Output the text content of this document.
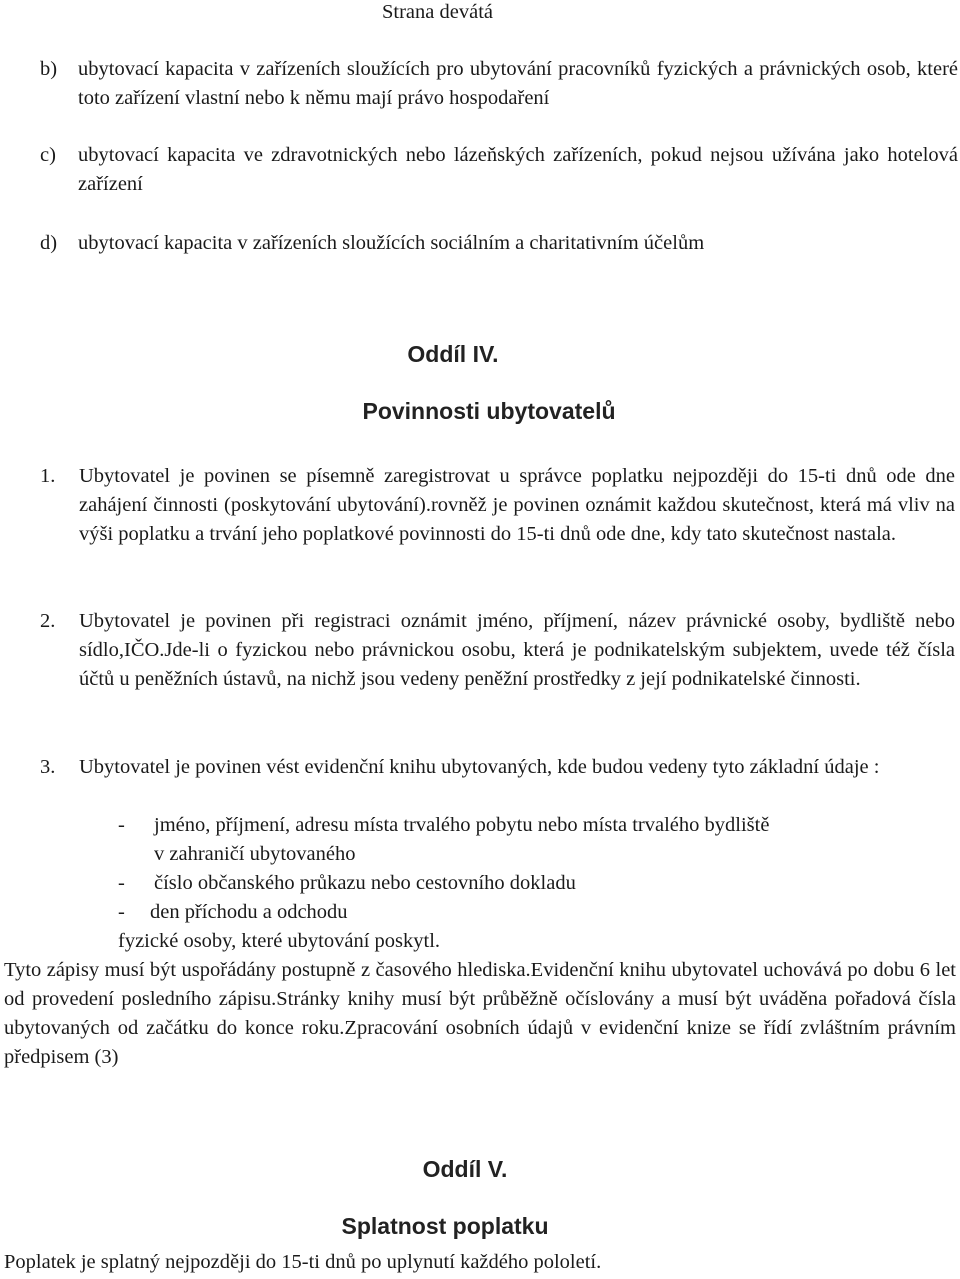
Strana devátá
b) ubytovací kapacita v zařízeních sloužících pro ubytování pracovníků fyzických a právnických osob, které toto zařízení vlastní nebo k němu mají právo hospodaření

c) ubytovací kapacita ve zdravotnických nebo lázeňských zařízeních, pokud nejsou užívána jako hotelová zařízení

d) ubytovací kapacita v zařízeních sloužících sociálním a charitativním účelům

Oddíl IV.
Povinnosti ubytovatelů
1. Ubytovatel je povinen se písemně zaregistrovat u správce poplatku nejpozději do 15-ti dnů ode dne zahájení činnosti (poskytování ubytování).rovněž je povinen oznámit každou skutečnost, která má vliv na výši poplatku a trvání jeho poplatkové povinnosti do 15-ti dnů ode dne, kdy tato skutečnost nastala.

2. Ubytovatel je povinen při registraci oznámit jméno, příjmení, název právnické osoby, bydliště nebo sídlo,IČO.Jde-li o fyzickou nebo právnickou osobu, která je podnikatelským subjektem, uvede též čísla účtů u peněžních ústavů, na nichž jsou vedeny peněžní prostředky z její podnikatelské činnosti.

3. Ubytovatel je povinen vést evidenční knihu ubytovaných, kde budou vedeny tyto základní údaje :

- jméno, příjmení, adresu místa trvalého pobytu nebo místa trvalého bydliště

v zahraničí ubytovaného

- číslo občanského průkazu nebo cestovního dokladu

- den příchodu a odchodu

fyzické osoby, které ubytování poskytl.

Tyto zápisy musí být uspořádány postupně z časového hlediska.Evidenční knihu ubytovatel uchovává po dobu 6 let od provedení posledního zápisu.Stránky knihy musí být průběžně očíslovány a musí být uváděna pořadová čísla ubytovaných od začátku do konce roku.Zpracování osobních údajů v evidenční knize se řídí zvláštním právním předpisem (3)

Oddíl V.
Splatnost poplatku

Poplatek je splatný nejpozději do 15-ti dnů po uplynutí každého pololetí.
